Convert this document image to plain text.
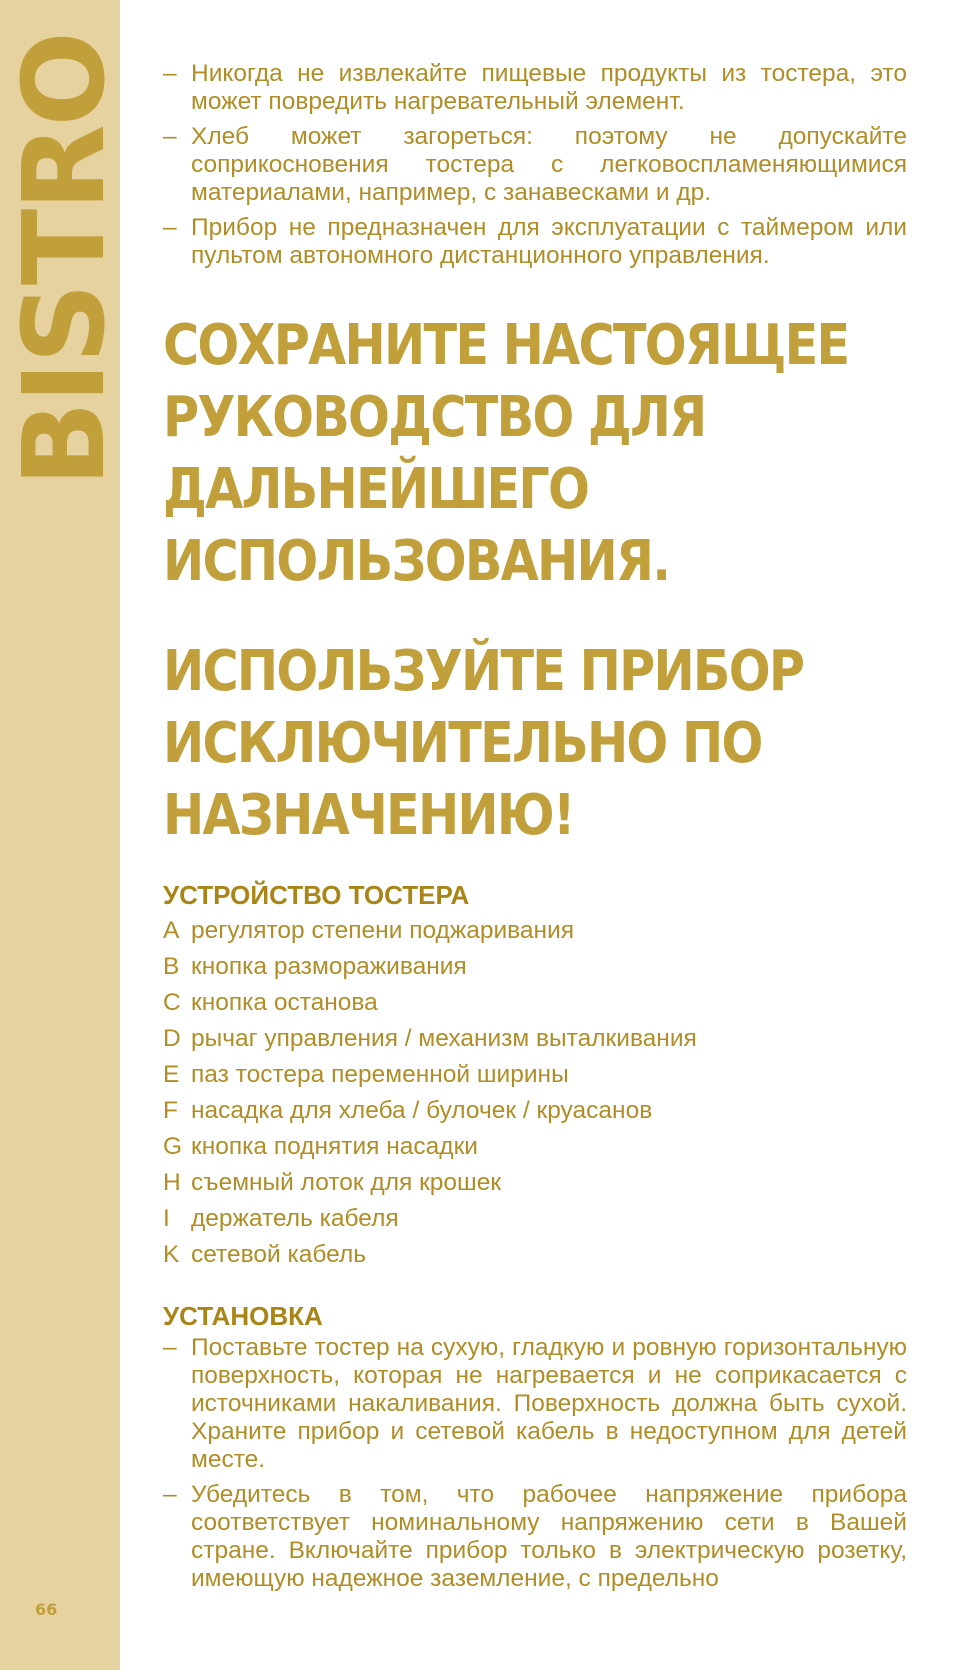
BISTRO
66
– Никогда не извлекайте пищевые продукты из тостера, это может повредить нагревательный элемент.
– Хлеб может загореться: поэтому не допускайте соприкосновения тостера с легковоспламеняющимися материалами, например, с занавесками и др.
– Прибор не предназначен для эксплуатации с таймером или пультом автономного дистанционного управления.
СОХРАНИТЕ НАСТОЯЩЕЕ РУКОВОДСТВО ДЛЯ ДАЛЬНЕЙШЕГО ИСПОЛЬЗОВАНИЯ.
ИСПОЛЬЗУЙТЕ ПРИБОР ИСКЛЮЧИТЕЛЬНО ПО НАЗНАЧЕНИЮ!
УСТРОЙСТВО ТОСТЕРА
A регулятор степени поджаривания
B кнопка размораживания
C кнопка останова
D рычаг управления / механизм выталкивания
E паз тостера переменной ширины
F насадка для хлеба / булочек / круасанов
G кнопка поднятия насадки
H съемный лоток для крошек
I держатель кабеля
K сетевой кабель
УСТАНОВКА
– Поставьте тостер на сухую, гладкую и ровную горизонтальную поверхность, которая не нагревается и не соприкасается с источниками накаливания. Поверхность должна быть сухой. Храните прибор и сетевой кабель в недоступном для детей месте.
– Убедитесь в том, что рабочее напряжение прибора соответствует номинальному напряжению сети в Вашей стране. Включайте прибор только в электрическую розетку, имеющую надежное заземление, с предельно
